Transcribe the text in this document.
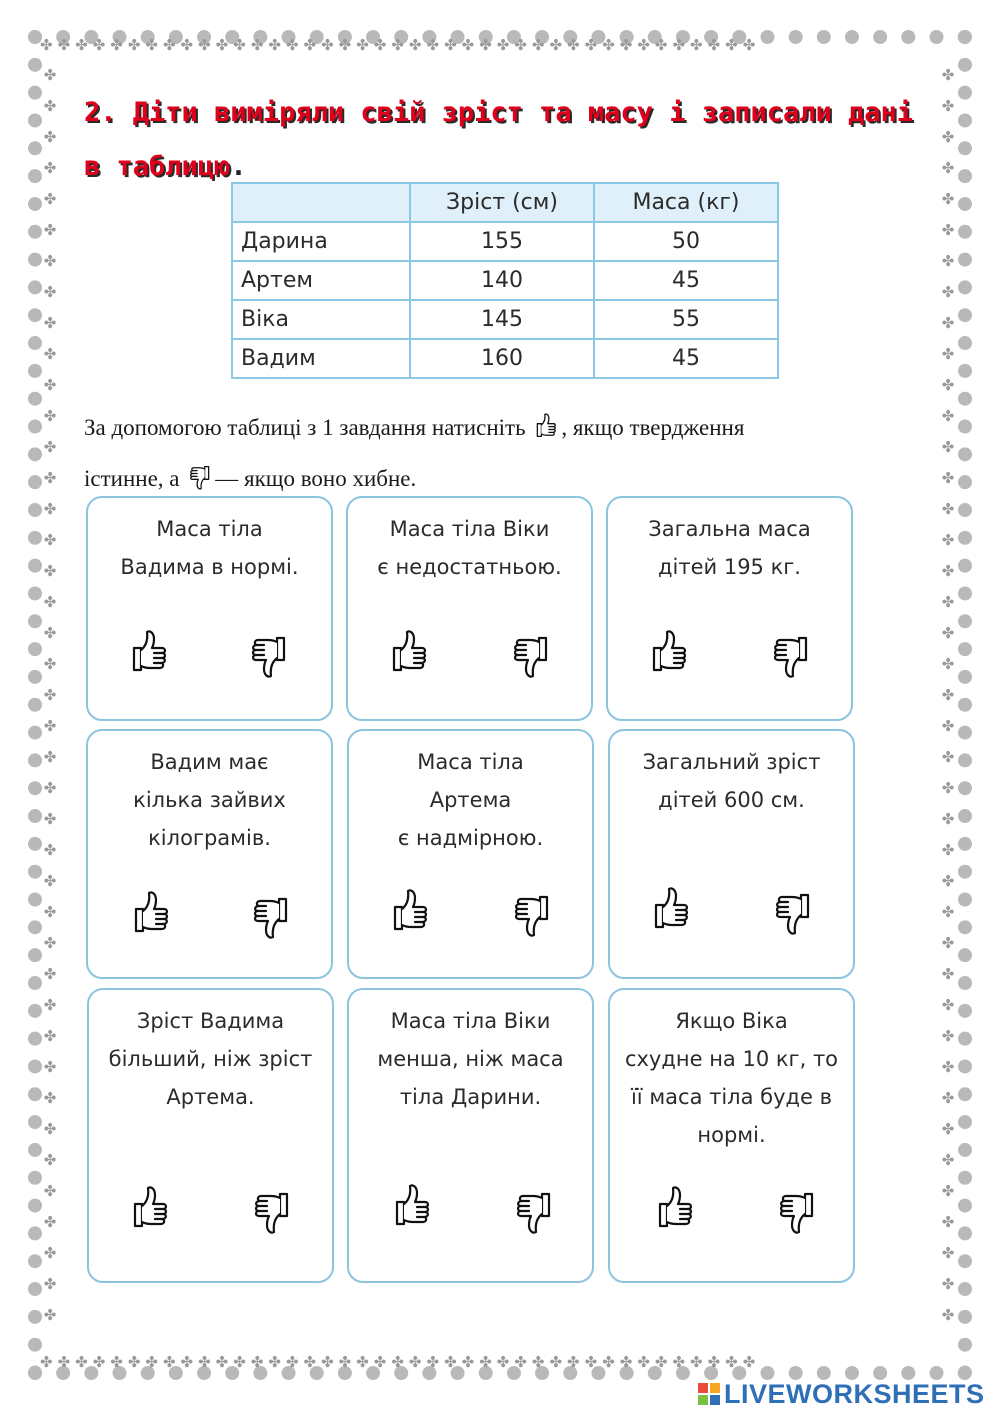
✤✤✤✤✤✤✤✤✤✤✤✤✤✤✤✤✤✤✤✤✤✤✤✤✤✤✤✤✤✤✤✤✤✤✤✤✤✤✤✤✤
✤✤✤✤✤✤✤✤✤✤✤✤✤✤✤✤✤✤✤✤✤✤✤✤✤✤✤✤✤✤✤✤✤✤✤✤✤✤✤✤✤
✤ ✤ ✤ ✤ ✤ ✤ ✤ ✤ ✤ ✤ ✤ ✤ ✤ ✤ ✤ ✤ ✤ ✤ ✤ ✤ ✤ ✤ ✤ ✤ ✤ ✤ ✤ ✤ ✤ ✤ ✤ ✤ ✤ ✤ ✤ ✤ ✤ ✤ ✤ ✤ ✤
✤ ✤ ✤ ✤ ✤ ✤ ✤ ✤ ✤ ✤ ✤ ✤ ✤ ✤ ✤ ✤ ✤ ✤ ✤ ✤ ✤ ✤ ✤ ✤ ✤ ✤ ✤ ✤ ✤ ✤ ✤ ✤ ✤ ✤ ✤ ✤ ✤ ✤ ✤ ✤ ✤
2. Діти виміряли свій зріст та масу і записали дані в таблицю.
	Зріст (см)	Маса (кг)
Дарина	155	50
Артем	140	45
Віка	145	55
Вадим	160	45
За допомогою таблиці з 1 завдання натисніть , якщо твердження
істинне, а — якщо воно хибне.
Маса тіла
Вадима в нормі.
Маса тіла Віки
є недостатньою.
Загальна маса
дітей 195 кг.
Вадим має
кілька зайвих
кілограмів.
Маса тіла
Артема
є надмірною.
Загальний зріст
дітей 600 см.
Зріст Вадима
більший, ніж зріст
Артема.
Маса тіла Віки
менша, ніж маса
тіла Дарини.
Якщо Віка
схудне на 10 кг, то
її маса тіла буде в
нормі.
LIVEWORKSHEETS
